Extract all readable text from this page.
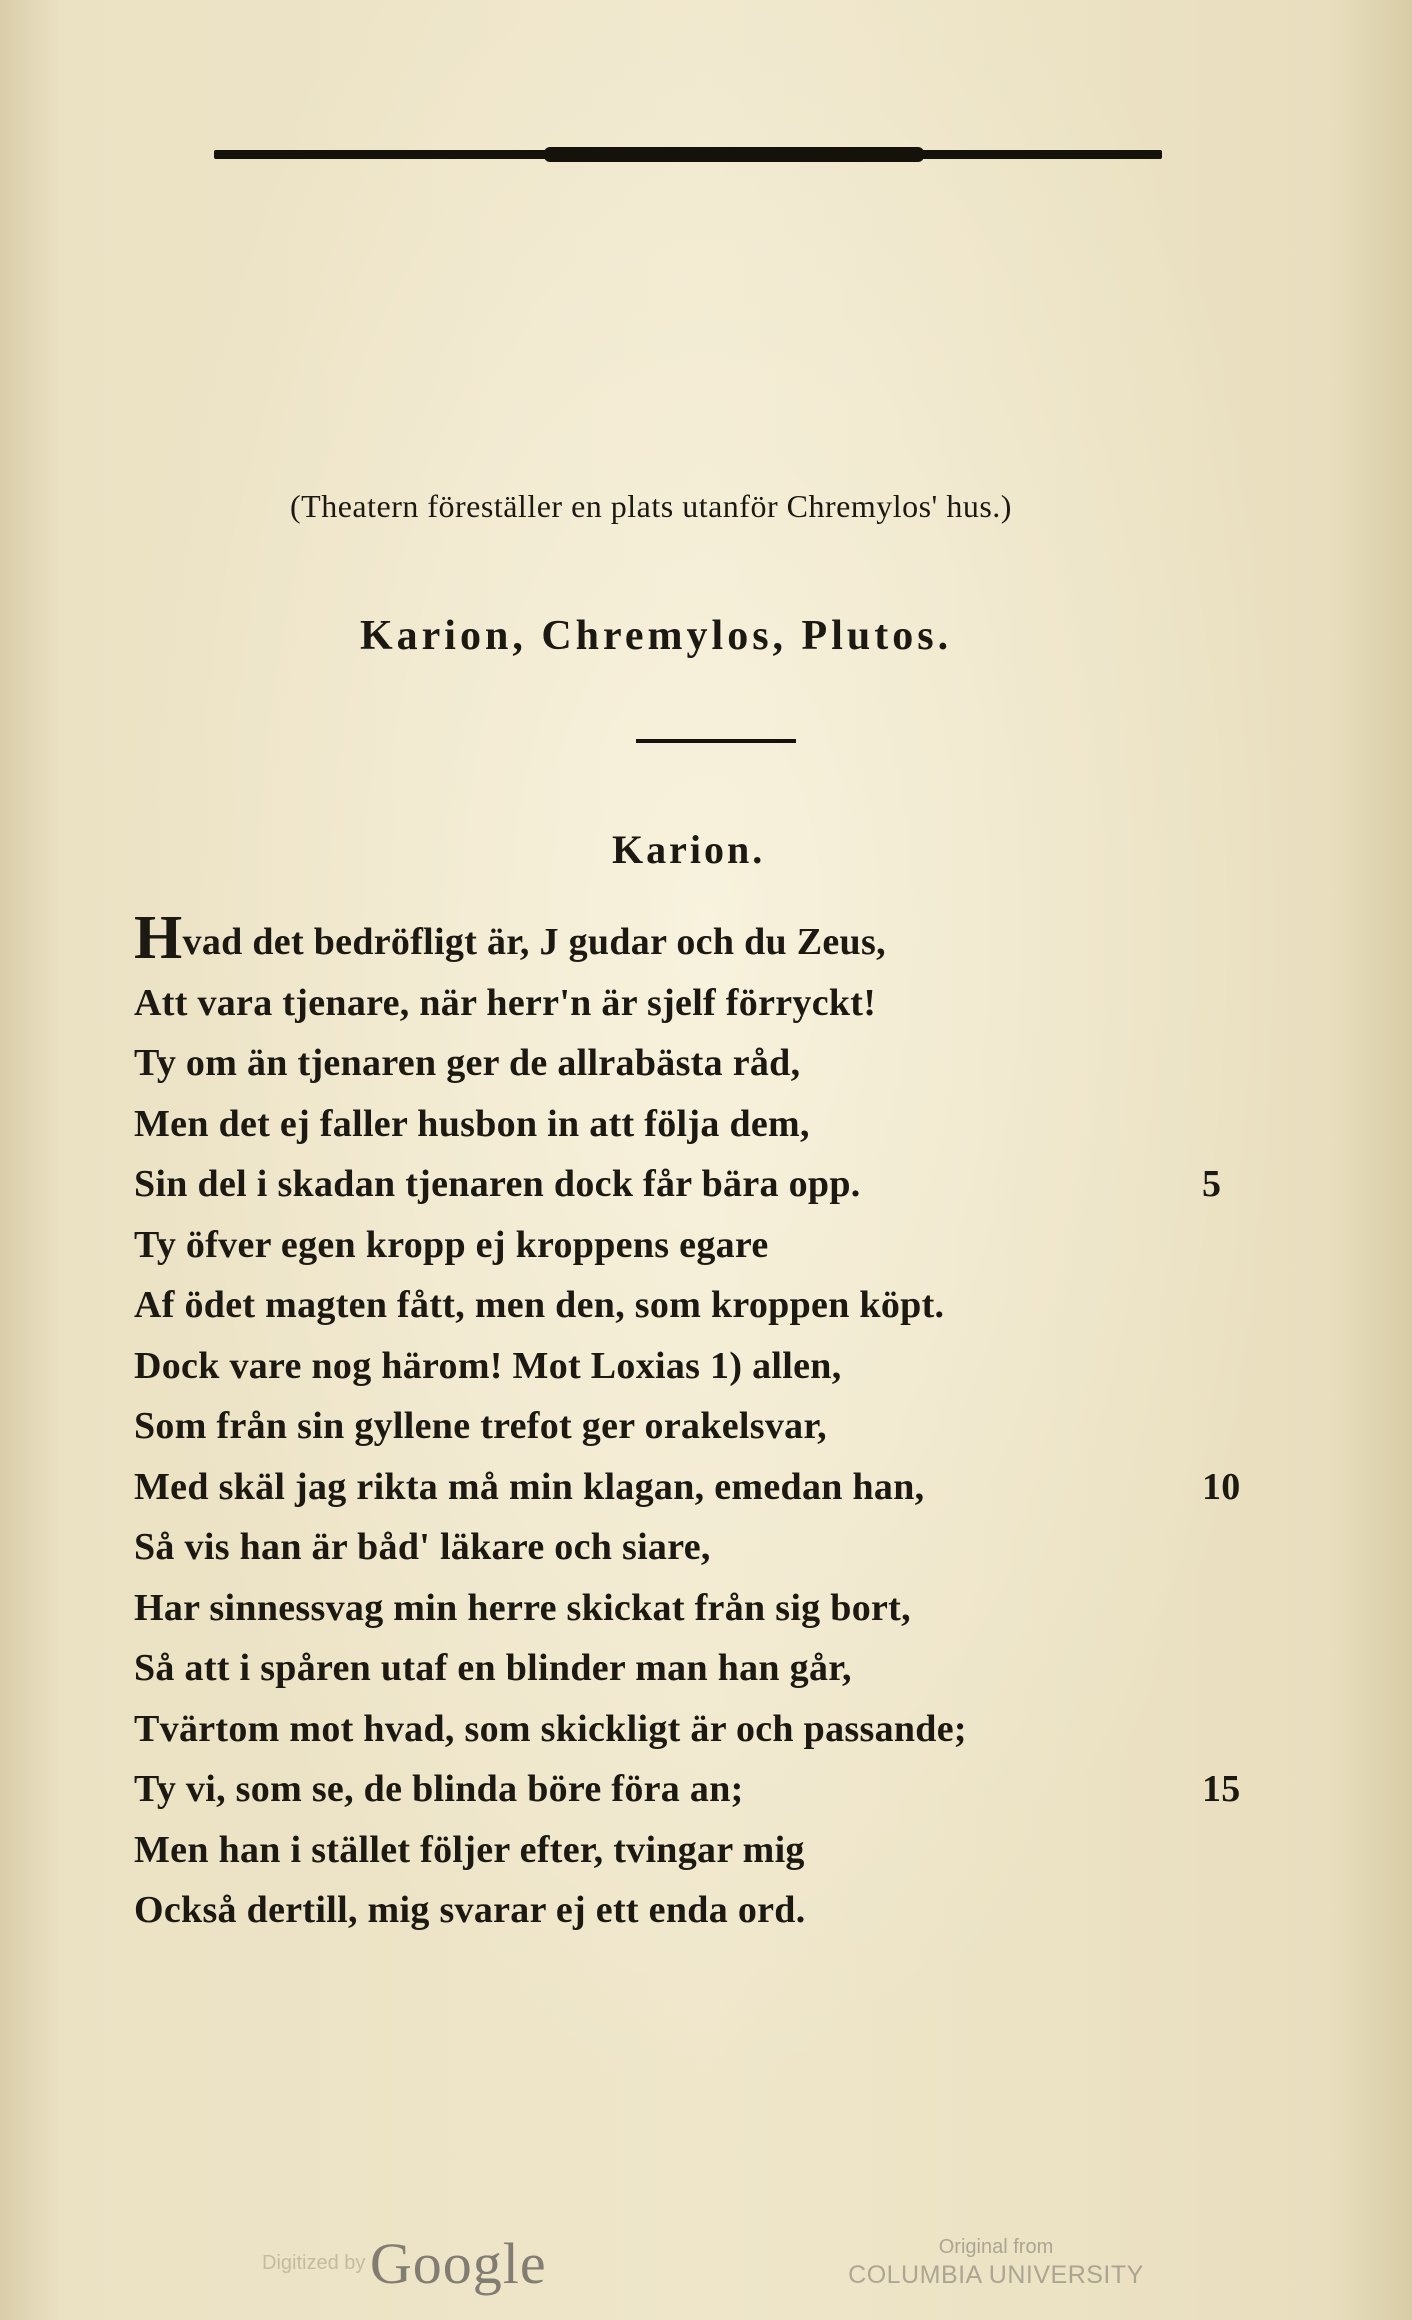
(Theatern föreställer en plats utanför Chremylos' hus.)
Karion, Chremylos, Plutos.
Karion.
Hvad det bedröfligt är, J gudar och du Zeus,
Att vara tjenare, när herr'n är sjelf förryckt!
Ty om än tjenaren ger de allrabästa råd,
Men det ej faller husbon in att följa dem,
Sin del i skadan tjenaren dock får bära opp.	5
Ty öfver egen kropp ej kroppens egare
Af ödet magten fått, men den, som kroppen köpt.
Dock vare nog härom! Mot Loxias 1) allen,
Som från sin gyllene trefot ger orakelsvar,
Med skäl jag rikta må min klagan, emedan han,	10
Så vis han är båd' läkare och siare,
Har sinnessvag min herre skickat från sig bort,
Så att i spåren utaf en blinder man han går,
Tvärtom mot hvad, som skickligt är och passande;
Ty vi, som se, de blinda böre föra an;	15
Men han i stället följer efter, tvingar mig
Också dertill, mig svarar ej ett enda ord.
Digitized by Google	Original from
COLUMBIA UNIVERSITY
